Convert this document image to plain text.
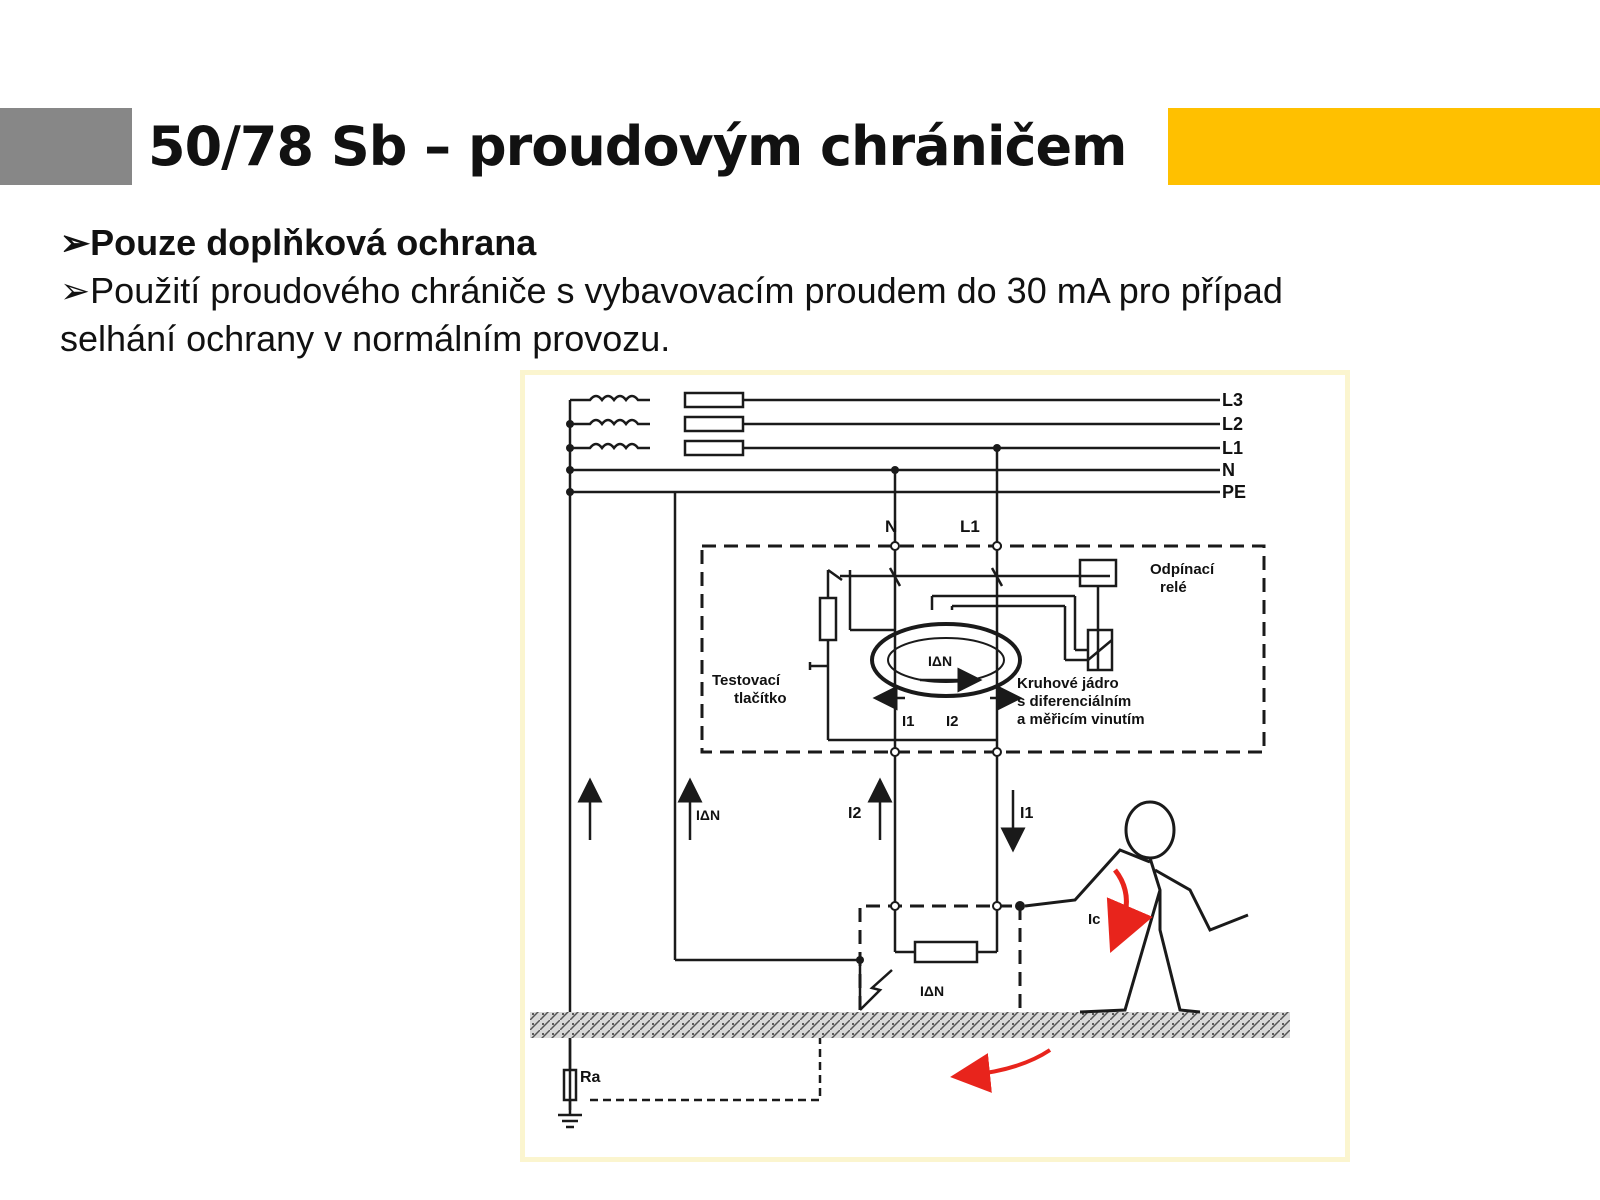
50/78 Sb – proudovým chráničem
➢Pouze doplňková ochrana
➢Použití proudového chrániče s vybavovacím proudem do 30 mA pro případ
selhání ochrany v normálním provozu.
L3
L2
L1
N
PE
N	L1
Odpínací
relé
Testovací
tlačítko
Kruhové jádro
s diferenciálním
a měřicím vinutím
IΔN
I1 I2
IΔN	I2	I1
IΔN
Ic
Ra
